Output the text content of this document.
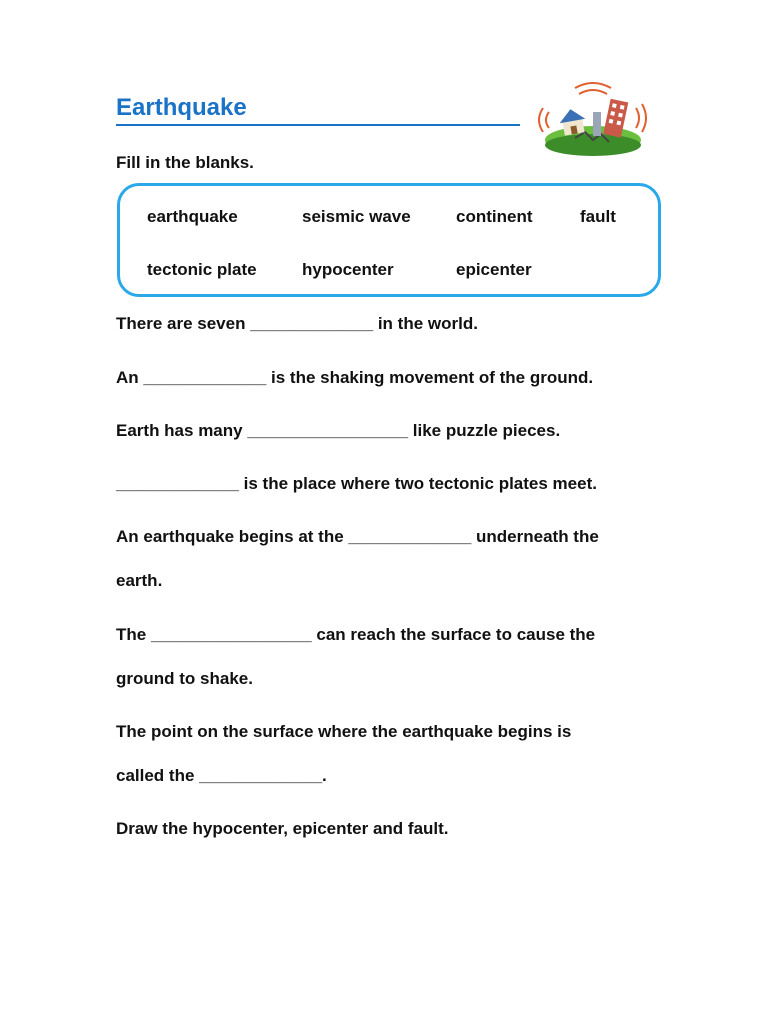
Earthquake
Fill in the blanks.
earthquake	seismic wave	continent	fault
tectonic plate	hypocenter	epicenter
There are seven _____________ in the world.
An _____________ is the shaking movement of the ground.
Earth has many _________________ like puzzle pieces.
_____________ is the place where two tectonic plates meet.
An earthquake begins at the _____________ underneath the
earth.
The _________________ can reach the surface to cause the
ground to shake.
The point on the surface where the earthquake begins is
called the _____________.
Draw the hypocenter, epicenter and fault.
